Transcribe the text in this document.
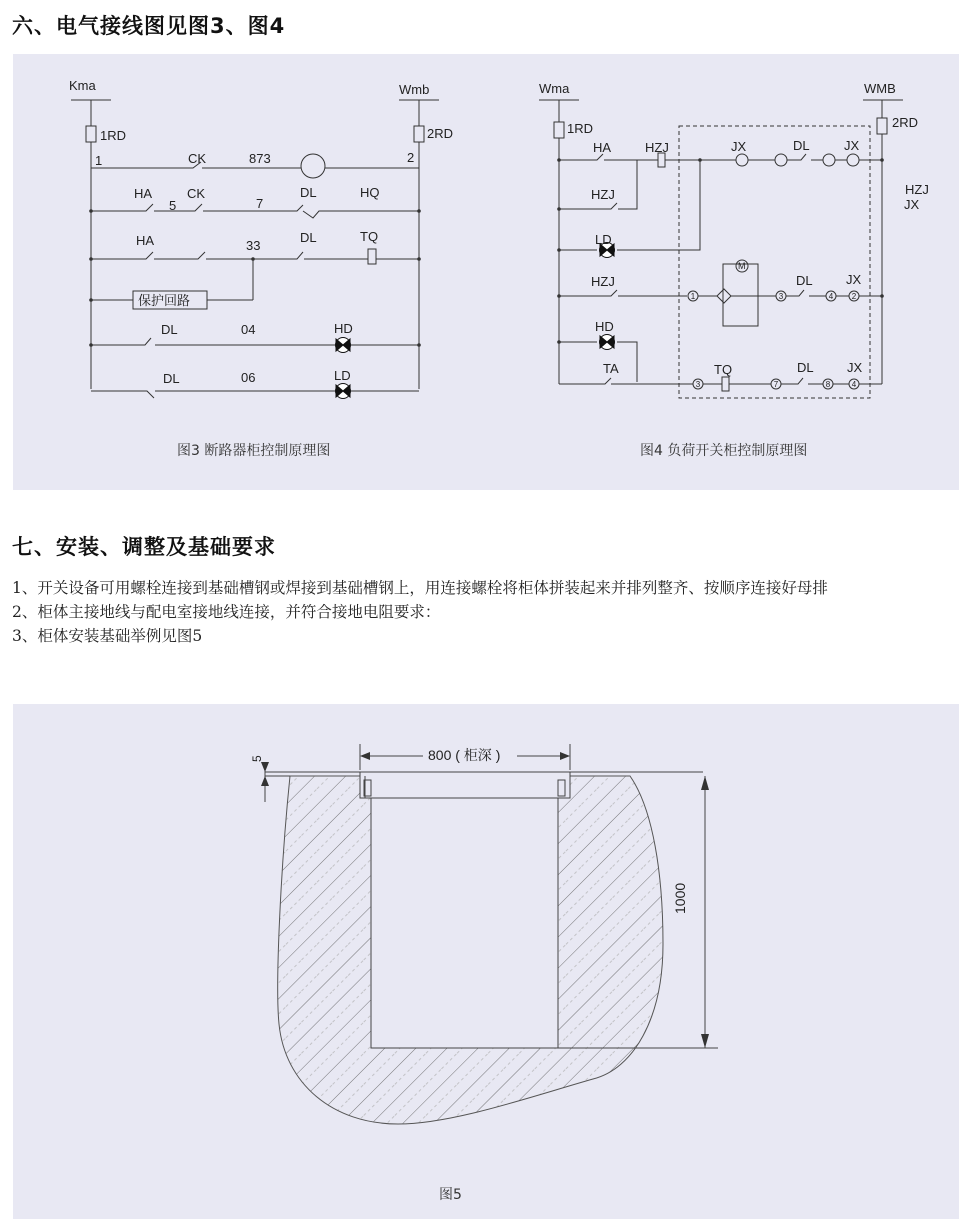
六、电气接线图见图3、图4
Kma	Wmb
1RD	2RD
1	2
CK	873
HA
5
CK
7
DL	HQ
HA	33
DL	TQ
保护回路
DL	04	HD
DL	06	LD
Wma	WMB
1RD	2RD
HA	HZJ	JX	DL	JX
HZJ
JX
HZJ
LD
HZJ
M
DL	JX
HD
TA	TQ	DL	JX
1	3	4 2
3	7	8	4
图3 断路器柜控制原理图	图4 负荷开关柜控制原理图
七、安装、调整及基础要求
1、开关设备可用螺栓连接到基础槽钢或焊接到基础槽钢上，用连接螺栓将柜体拼装起来并排列整齐、按顺序连接好母排
2、柜体主接地线与配电室接地线连接，并符合接地电阻要求：
3、柜体安装基础举例见图5
800 ( 柜深 )
5
1000
图5
